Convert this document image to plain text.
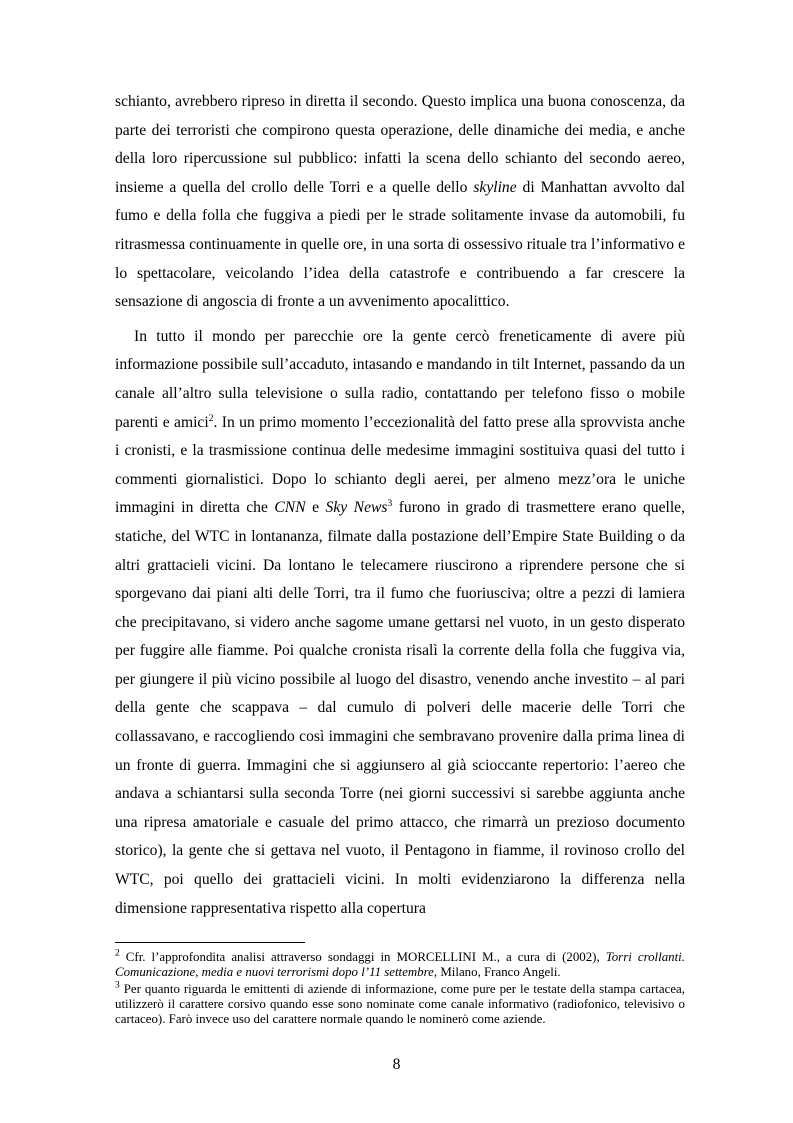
schianto, avrebbero ripreso in diretta il secondo. Questo implica una buona conoscenza, da parte dei terroristi che compirono questa operazione, delle dinamiche dei media, e anche della loro ripercussione sul pubblico: infatti la scena dello schianto del secondo aereo, insieme a quella del crollo delle Torri e a quelle dello skyline di Manhattan avvolto dal fumo e della folla che fuggiva a piedi per le strade solitamente invase da automobili, fu ritrasmessa continuamente in quelle ore, in una sorta di ossessivo rituale tra l’informativo e lo spettacolare, veicolando l’idea della catastrofe e contribuendo a far crescere la sensazione di angoscia di fronte a un avvenimento apocalittico.

In tutto il mondo per parecchie ore la gente cercò freneticamente di avere più informazione possibile sull’accaduto, intasando e mandando in tilt Internet, passando da un canale all’altro sulla televisione o sulla radio, contattando per telefono fisso o mobile parenti e amici$^2$. In un primo momento l’eccezionalità del fatto prese alla sprovvista anche i cronisti, e la trasmissione continua delle medesime immagini sostituiva quasi del tutto i commenti giornalistici. Dopo lo schianto degli aerei, per almeno mezz’ora le uniche immagini in diretta che CNN e Sky News$^3$ furono in grado di trasmettere erano quelle, statiche, del WTC in lontananza, filmate dalla postazione dell’Empire State Building o da altri grattacieli vicini. Da lontano le telecamere riuscirono a riprendere persone che si sporgevano dai piani alti delle Torri, tra il fumo che fuoriusciva; oltre a pezzi di lamiera che precipitavano, si videro anche sagome umane gettarsi nel vuoto, in un gesto disperato per fuggire alle fiamme. Poi qualche cronista risalì la corrente della folla che fuggiva via, per giungere il più vicino possibile al luogo del disastro, venendo anche investito – al pari della gente che scappava – dal cumulo di polveri delle macerie delle Torri che collassavano, e raccogliendo così immagini che sembravano provenire dalla prima linea di un fronte di guerra. Immagini che si aggiunsero al già scioccante repertorio: l’aereo che andava a schiantarsi sulla seconda Torre (nei giorni successivi si sarebbe aggiunta anche una ripresa amatoriale e casuale del primo attacco, che rimarrà un prezioso documento storico), la gente che si gettava nel vuoto, il Pentagono in fiamme, il rovinoso crollo del WTC, poi quello dei grattacieli vicini. In molti evidenziarono la differenza nella dimensione rappresentativa rispetto alla copertura

$^2$ Cfr. l’approfondita analisi attraverso sondaggi in MORCELLINI M., a cura di (2002), Torri crollanti. Comunicazione, media e nuovi terrorismi dopo l’11 settembre, Milano, Franco Angeli.

$^3$ Per quanto riguarda le emittenti di aziende di informazione, come pure per le testate della stampa cartacea, utilizzerò il carattere corsivo quando esse sono nominate come canale informativo (radiofonico, televisivo o cartaceo). Farò invece uso del carattere normale quando le nominerò come aziende.

8
